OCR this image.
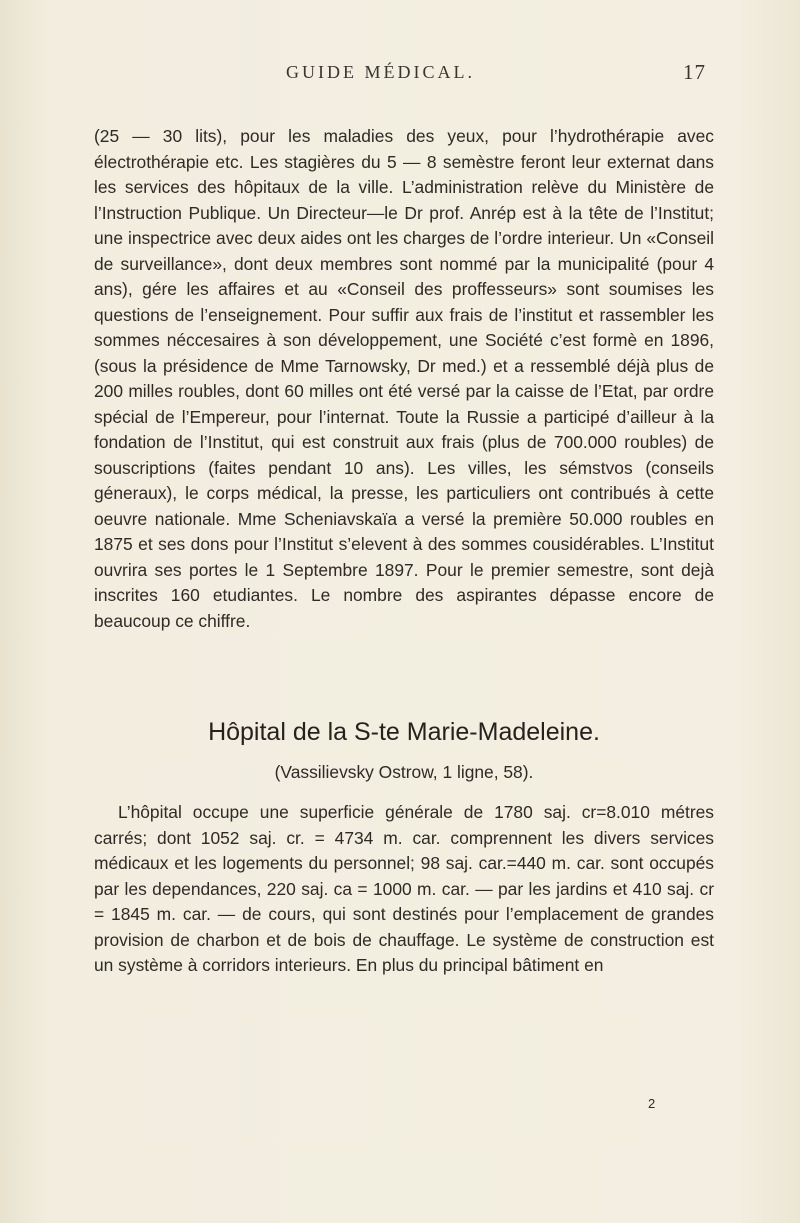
GUIDE MÉDICAL.	17

(25 — 30 lits), pour les maladies des yeux, pour l’hydrothérapie avec électrothérapie etc. Les stagières du 5 — 8 semèstre feront leur externat dans les services des hôpitaux de la ville. L’administration relève du Ministère de l’Instruction Publique. Un Directeur—le Dr prof. Anrép est à la tête de l’Institut; une inspectrice avec deux aides ont les charges de l’ordre interieur. Un «Conseil de surveillance», dont deux membres sont nommé par la municipalité (pour 4 ans), gére les affaires et au «Conseil des proffesseurs» sont soumises les questions de l’enseignement. Pour suffir aux frais de l’institut et rassembler les sommes néccesaires à son développement, une Société c’est formè en 1896, (sous la présidence de Mme Tarnowsky, Dr med.) et a ressemblé déjà plus de 200 milles roubles, dont 60 milles ont été versé par la caisse de l’Etat, par ordre spécial de l’Empereur, pour l’internat. Toute la Russie a participé d’ailleur à la fondation de l’Institut, qui est construit aux frais (plus de 700.000 roubles) de souscriptions (faites pendant 10 ans). Les villes, les sémstvos (conseils géneraux), le corps médical, la presse, les particuliers ont contribués à cette oeuvre nationale. Mme Scheniavskaïa a versé la première 50.000 roubles en 1875 et ses dons pour l’Institut s’elevent à des sommes cousidérables. L’Institut ouvrira ses portes le 1 Septembre 1897. Pour le premier semestre, sont dejà inscrites 160 etudiantes. Le nombre des aspirantes dépasse encore de beaucoup ce chiffre.

Hôpital de la S-te Marie-Madeleine.
(Vassilievsky Ostrow, 1 ligne, 58).

L’hôpital occupe une superficie générale de 1780 saj. cr=8.010 métres carrés; dont 1052 saj. cr. = 4734 m. car. comprennent les divers services médicaux et les logements du personnel; 98 saj. car.=440 m. car. sont occupés par les dependances, 220 saj. ca = 1000 m. car. — par les jardins et 410 saj. cr = 1845 m. car. — de cours, qui sont destinés pour l’emplacement de grandes provision de charbon et de bois de chauffage. Le système de construction est un système à corridors interieurs. En plus du principal bâtiment en

2
